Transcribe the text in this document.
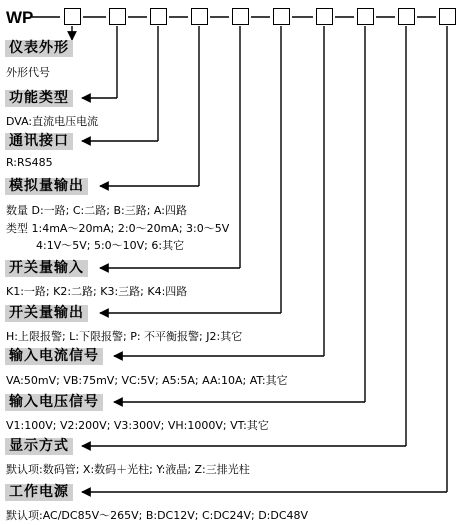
WP
仪表外形
外形代号
功能类型
DVA:直流电压电流
通讯接口
R:RS485
模拟量输出
数量 D:一路; C:二路; B:三路; A:四路
类型 1:4mA～20mA; 2:0～20mA; 3:0～5V
4:1V～5V; 5:0～10V; 6:其它
开关量输入
K1:一路; K2:二路; K3:三路; K4:四路
开关量输出
H:上限报警; L:下限报警; P: 不平衡报警; J2:其它
输入电流信号
VA:50mV; VB:75mV; VC:5V; A5:5A; AA:10A; AT:其它
输入电压信号
V1:100V; V2:200V; V3:300V; VH:1000V; VT:其它
显示方式
默认项:数码管; X:数码＋光柱; Y:液晶; Z:三排光柱
工作电源
默认项:AC/DC85V～265V; B:DC12V; C:DC24V; D:DC48V
